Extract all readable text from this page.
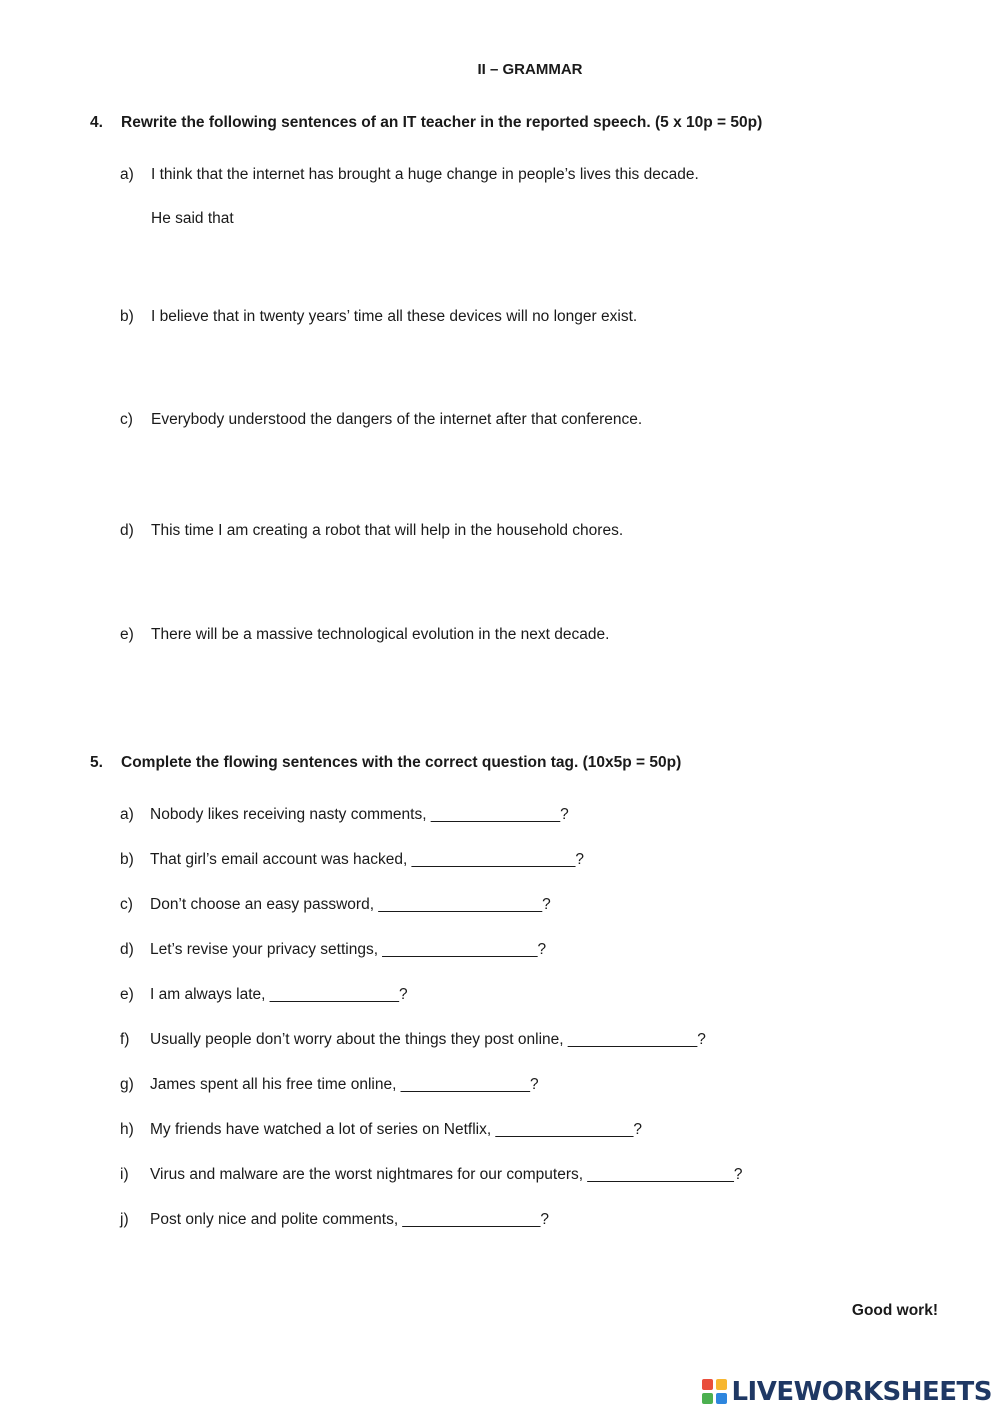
II – GRAMMAR
4. Rewrite the following sentences of an IT teacher in the reported speech. (5 x 10p = 50p)
a) I think that the internet has brought a huge change in people’s lives this decade.
He said that
b) I believe that in twenty years’ time all these devices will no longer exist.
c) Everybody understood the dangers of the internet after that conference.
d) This time I am creating a robot that will help in the household chores.
e) There will be a massive technological evolution in the next decade.
5. Complete the flowing sentences with the correct question tag. (10x5p = 50p)
a) Nobody likes receiving nasty comments, _______________?
b) That girl’s email account was hacked, ___________________?
c) Don’t choose an easy password, ___________________?
d) Let’s revise your privacy settings, __________________?
e) I am always late, _______________?
f) Usually people don’t worry about the things they post online, _______________?
g) James spent all his free time online, _______________?
h) My friends have watched a lot of series on Netflix, ________________?
i) Virus and malware are the worst nightmares for our computers, _________________?
j) Post only nice and polite comments, ________________?
Good work!
LIVEWORKSHEETS
